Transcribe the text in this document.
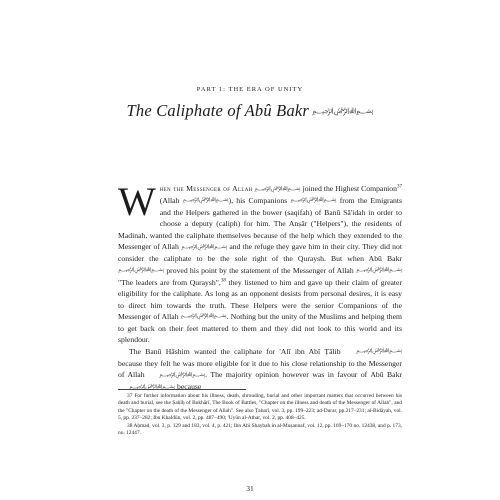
PART 1: THE ERA OF UNITY
The Caliphate of Abû Bakr ﷽

When the Messenger of Allah ﷽ joined the Highest Companion$^{37}$ (Allah ﷽), his Companions ﷽ from the Emigrants and the Helpers gathered in the bower (saqifah) of Banū Sā'idah in order to choose a deputy (caliph) for him. The Anṣār ("Helpers"), the residents of Madinah, wanted the caliphate themselves because of the help which they extended to the Messenger of Allah ﷽ and the refuge they gave him in their city. They did not consider the caliphate to be the sole right of the Quraysh. But when Abū Bakr ﷽ proved his point by the statement of the Messenger of Allah ﷽ "The leaders are from Quraysh",$^{38}$ they listened to him and gave up their claim of greater eligibility for the caliphate. As long as an opponent desists from personal desires, it is easy to direct him towards the truth. These Helpers were the senior Companions of the Messenger of Allah ﷽. Nothing but the unity of the Muslims and helping them to get back on their feet mattered to them and they did not look to this world and its splendour.

The Banū Hāshim wanted the caliphate for 'Alī ibn Abī Ṭālib	﷽ because they felt he was more eligible for it due to his close relationship to the Messenger of Allah ﷽. The majority opinion however was in favour of Abū Bakr ﷽ because

37 For further information about his illness, death, shrouding, burial and other important matters that occurred between his death and burial, see the Ṣaḥīḥ of Bukhārī, The Book of Battles, "Chapter on the illness and death of the Messenger of Allah", and the "Chapter on the death of the Messenger of Allah". See also Ṭabarī, vol. 3, pp. 199–223; ad-Durar, pp.217–231; al-Bidāyah, vol. 5, pp. 237–282; Ibn Khaldūn, vol. 2, pp. 487–490; 'Uyūn al-Athar, vol. 2, pp. 408–425.

38 Aḥmad, vol. 3, p. 129 and 183, vol. 4, p. 421; Ibn Abī Shaybah in al-Muṣannaf, vol. 12, pp. 169–170 no. 12438, and p. 173, no. 12447.

31
